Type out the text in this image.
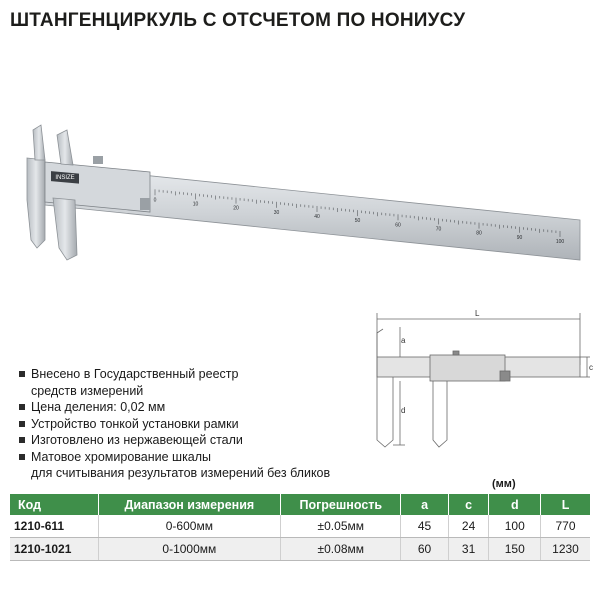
ШТАНГЕНЦИРКУЛЬ С ОТСЧЕТОМ ПО НОНИУСУ
INSIZE
0
10
20
30
40
50
60
70
80
90
100
L
a
c
d
Внесено в Государственный реестр
средств измерений
Цена деления: 0,02 мм
Устройство тонкой установки рамки
Изготовлено из нержавеющей стали
Матовое хромирование шкалы
для считывания результатов измерений без бликов
(мм)
Код	Диапазон измерения	Погрешность	a	c	d	L
1210-611	0-600мм	±0.05мм	45	24	100	770
1210-1021	0-1000мм	±0.08мм	60	31	150	1230
